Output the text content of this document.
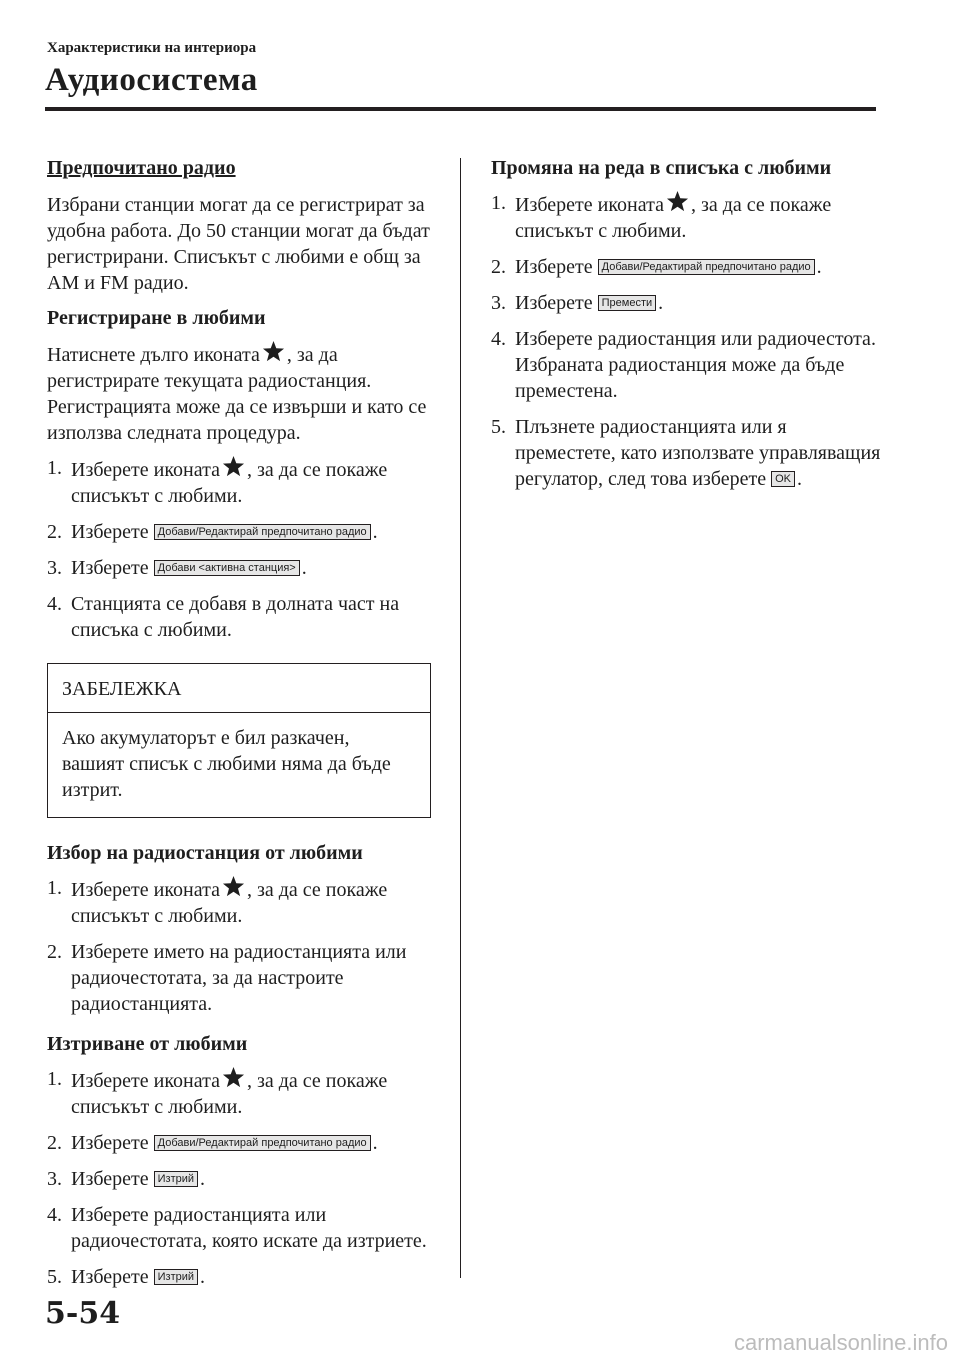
Характеристики на интериора
Аудиосистема
Предпочитано радио

Избрани станции могат да се регистрират за удобна работа. До 50 станции могат да бъдат регистрирани. Списъкът с любими е общ за AM и FM радио.

Регистриране в любими

Натиснете дълго иконата , за да регистрирате текущата радиостанция. Регистрацията може да се извърши и като се използва следната процедура.

1. Изберете иконата , за да се покаже списъкът с любими.
2. Изберете Добави/Редактирай предпочитано радио .
3. Изберете Добави <активна станция> .
4. Станцията се добавя в долната част на списъка с любими.
ЗАБЕЛЕЖКА
Ако акумулаторът е бил разкачен, вашият списък с любими няма да бъде изтрит.
Избор на радиостанция от любими
1. Изберете иконата , за да се покаже списъкът с любими.
2. Изберете името на радиостанцията или радиочестотата, за да настроите радиостанцията.
Изтриване от любими
1. Изберете иконата , за да се покаже списъкът с любими.
2. Изберете Добави/Редактирай предпочитано радио .
3. Изберете Изтрий .
4. Изберете радиостанцията или радиочестотата, която искате да изтриете.
5. Изберете Изтрий .
Промяна на реда в списъка с любими
1. Изберете иконата , за да се покаже списъкът с любими.
2. Изберете Добави/Редактирай предпочитано радио .
3. Изберете Премести .
4. Изберете радиостанция или радиочестота. Избраната радиостанция може да бъде преместена.
5. Плъзнете радиостанцията или я преместете, като използвате управляващия регулатор, след това изберете OK .
5-54
carmanualsonline.info
